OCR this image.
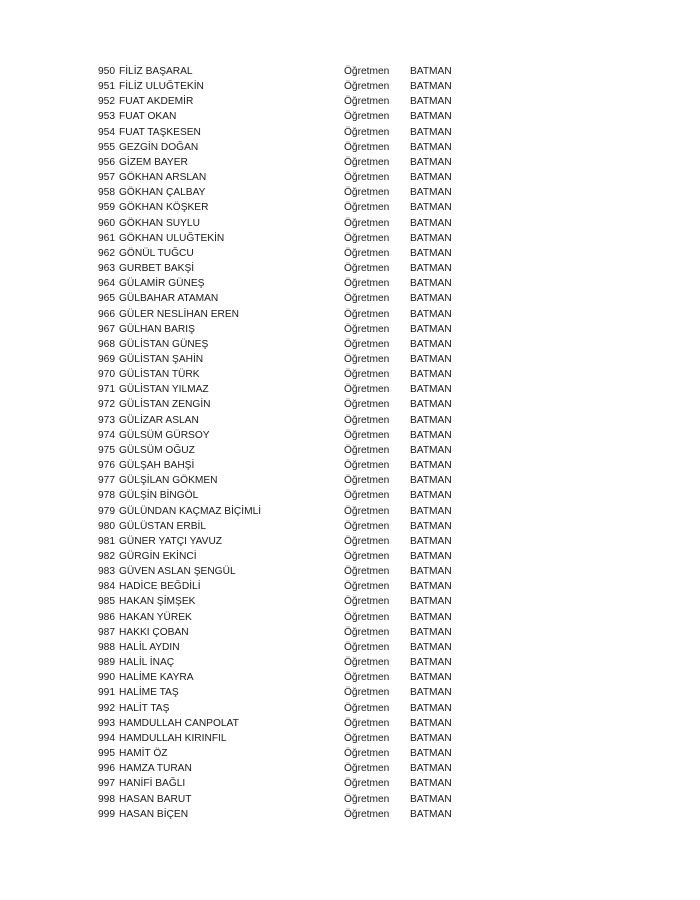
950 FİLİZ BAŞARAL	Öğretmen BATMAN
951 FİLİZ ULUĞTEKİN	Öğretmen BATMAN
952 FUAT AKDEMİR	Öğretmen BATMAN
953 FUAT OKAN	Öğretmen BATMAN
954 FUAT TAŞKESEN	Öğretmen BATMAN
955 GEZGİN DOĞAN	Öğretmen BATMAN
956 GİZEM BAYER	Öğretmen BATMAN
957 GÖKHAN ARSLAN	Öğretmen BATMAN
958 GÖKHAN ÇALBAY	Öğretmen BATMAN
959 GÖKHAN KÖŞKER	Öğretmen BATMAN
960 GÖKHAN SUYLU	Öğretmen BATMAN
961 GÖKHAN ULUĞTEKİN	Öğretmen BATMAN
962 GÖNÜL TUĞCU	Öğretmen BATMAN
963 GURBET BAKŞİ	Öğretmen BATMAN
964 GÜLAMİR GÜNEŞ	Öğretmen BATMAN
965 GÜLBAHAR ATAMAN	Öğretmen BATMAN
966 GÜLER NESLİHAN EREN	Öğretmen BATMAN
967 GÜLHAN BARIŞ	Öğretmen BATMAN
968 GÜLİSTAN GÜNEŞ	Öğretmen BATMAN
969 GÜLİSTAN ŞAHİN	Öğretmen BATMAN
970 GÜLİSTAN TÜRK	Öğretmen BATMAN
971 GÜLİSTAN YILMAZ	Öğretmen BATMAN
972 GÜLİSTAN ZENGİN	Öğretmen BATMAN
973 GÜLİZAR ASLAN	Öğretmen BATMAN
974 GÜLSÜM GÜRSOY	Öğretmen BATMAN
975 GÜLSÜM OĞUZ	Öğretmen BATMAN
976 GÜLŞAH BAHŞİ	Öğretmen BATMAN
977 GÜLŞİLAN GÖKMEN	Öğretmen BATMAN
978 GÜLŞİN BİNGÖL	Öğretmen BATMAN
979 GÜLÜNDAN KAÇMAZ BİÇİMLİ	Öğretmen BATMAN
980 GÜLÜSTAN ERBİL	Öğretmen BATMAN
981 GÜNER YATÇI YAVUZ	Öğretmen BATMAN
982 GÜRGİN EKİNCİ	Öğretmen BATMAN
983 GÜVEN ASLAN ŞENGÜL	Öğretmen BATMAN
984 HADİCE BEĞDİLİ	Öğretmen BATMAN
985 HAKAN ŞİMŞEK	Öğretmen BATMAN
986 HAKAN YÜREK	Öğretmen BATMAN
987 HAKKI ÇOBAN	Öğretmen BATMAN
988 HALİL AYDIN	Öğretmen BATMAN
989 HALİL İNAÇ	Öğretmen BATMAN
990 HALİME KAYRA	Öğretmen BATMAN
991 HALİME TAŞ	Öğretmen BATMAN
992 HALİT TAŞ	Öğretmen BATMAN
993 HAMDULLAH CANPOLAT	Öğretmen BATMAN
994 HAMDULLAH KIRINFIL	Öğretmen BATMAN
995 HAMİT ÖZ	Öğretmen BATMAN
996 HAMZA TURAN	Öğretmen BATMAN
997 HANİFİ BAĞLI	Öğretmen BATMAN
998 HASAN BARUT	Öğretmen BATMAN
999 HASAN BİÇEN	Öğretmen BATMAN
